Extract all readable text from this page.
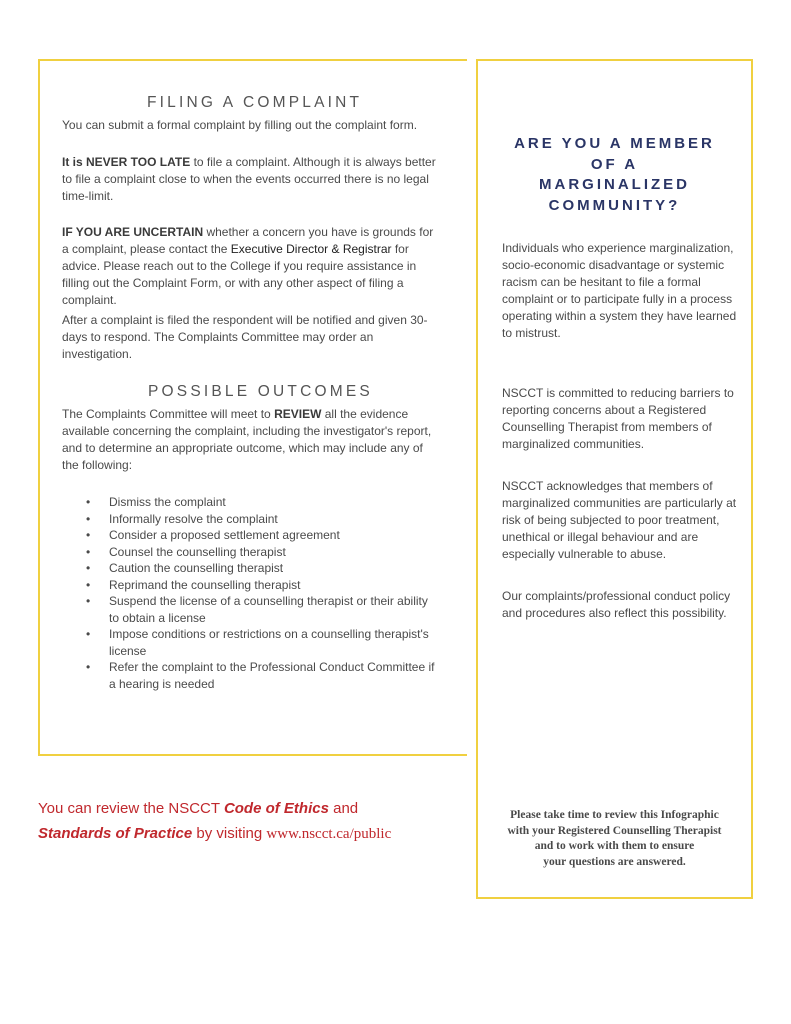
FILING A COMPLAINT
You can submit a formal complaint by filling out the complaint form.
It is NEVER TOO LATE to file a complaint. Although it is always better to file a complaint close to when the events occurred there is no legal time-limit.
IF YOU ARE UNCERTAIN whether a concern you have is grounds for a complaint, please contact the Executive Director & Registrar for advice. Please reach out to the College if you require assistance in filling out the Complaint Form, or with any other aspect of filing a complaint.
After a complaint is filed the respondent will be notified and given 30-days to respond. The Complaints Committee may order an investigation.
POSSIBLE OUTCOMES
The Complaints Committee will meet to REVIEW all the evidence available concerning the complaint, including the investigator's report, and to determine an appropriate outcome, which may include any of the following:
• Dismiss the complaint
• Informally resolve the complaint
• Consider a proposed settlement agreement
• Counsel the counselling therapist
• Caution the counselling therapist
• Reprimand the counselling therapist
• Suspend the license of a counselling therapist or their ability to obtain a license
• Impose conditions or restrictions on a counselling therapist's license
• Refer the complaint to the Professional Conduct Committee if a hearing is needed
ARE YOU A MEMBER
OF A
MARGINALIZED
COMMUNITY?
Individuals who experience marginalization, socio-economic disadvantage or systemic racism can be hesitant to file a formal complaint or to participate fully in a process operating within a system they have learned to mistrust.
NSCCT is committed to reducing barriers to reporting concerns about a Registered Counselling Therapist from members of marginalized communities.
NSCCT acknowledges that members of marginalized communities are particularly at risk of being subjected to poor treatment, unethical or illegal behaviour and are especially vulnerable to abuse.
Our complaints/professional conduct policy and procedures also reflect this possibility.
Please take time to review this Infographic
with your Registered Counselling Therapist
and to work with them to ensure
your questions are answered.
You can review the NSCCT Code of Ethics and
Standards of Practice by visiting www.nscct.ca/public
